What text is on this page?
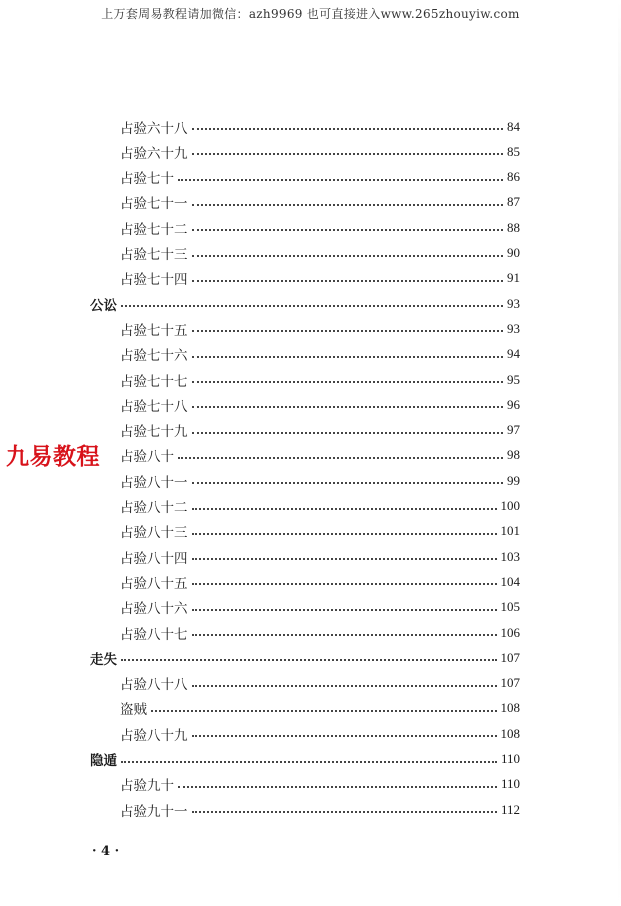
上万套周易教程请加微信：azh9969 也可直接进入www.265zhouyiw.com
占验六十八	84
占验六十九	85
占验七十	86
占验七十一	87
占验七十二	88
占验七十三	90
占验七十四	91
公讼	93
占验七十五	93
占验七十六	94
占验七十七	95
占验七十八	96
占验七十九	97
占验八十	98
占验八十一	99
占验八十二	100
占验八十三	101
占验八十四	103
占验八十五	104
占验八十六	105
占验八十七	106
走失	107
占验八十八	107
盗贼	108
占验八十九	108
隐遁	110
占验九十	110
占验九十一	112
九易教程
· 4 ·
